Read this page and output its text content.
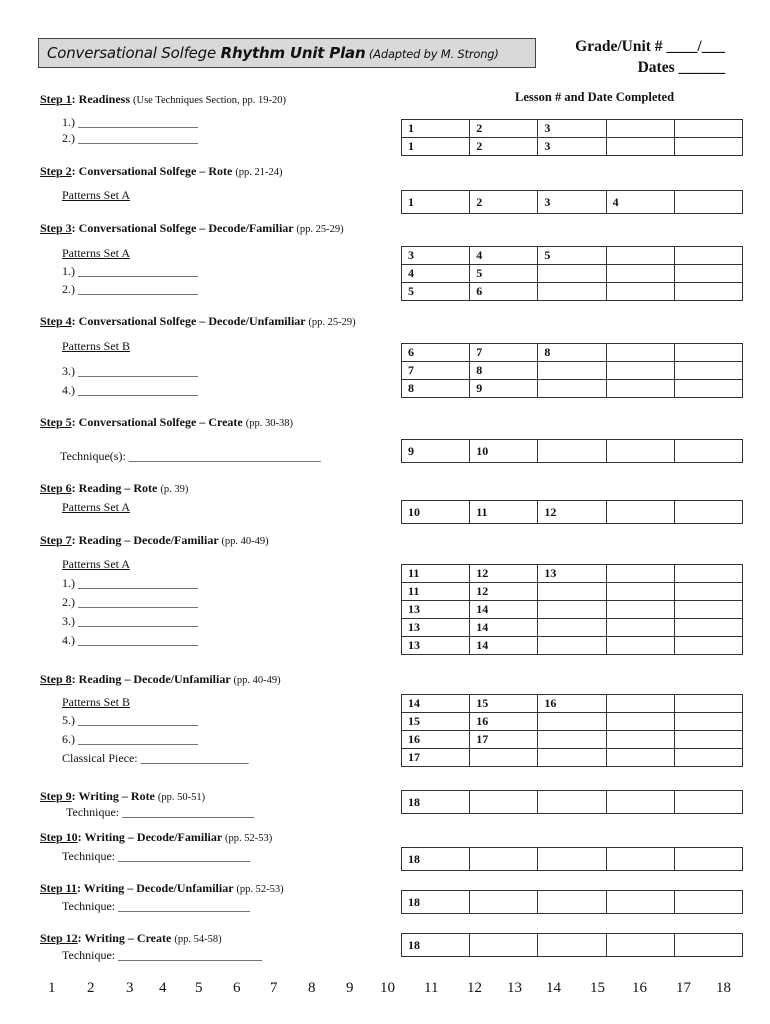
Conversational Solfege Rhythm Unit Plan (Adapted by M. Strong)	Grade/Unit # ____/___
Dates ______
Lesson # and Date Completed
Step 1: Readiness (Use Techniques Section, pp. 19-20)
1.) ____________________
2.) ____________________
1	2	3		
1	2	3		
Step 2: Conversational Solfege – Rote (pp. 21-24)
Patterns Set A	1	2	3	4	
Step 3: Conversational Solfege – Decode/Familiar (pp. 25-29)
Patterns Set A
1.) ____________________
2.) ____________________
3	4	5		
4	5			
5	6			
Step 4: Conversational Solfege – Decode/Unfamiliar (pp. 25-29)
Patterns Set B
3.) ____________________
4.) ____________________
6	7	8		
7	8			
8	9			
Step 5: Conversational Solfege – Create (pp. 30-38)
Technique(s): ________________________________	9	10			
Step 6: Reading – Rote (p. 39)
Patterns Set A	10	11	12		
Step 7: Reading – Decode/Familiar (pp. 40-49)
Patterns Set A
1.) ____________________
2.) ____________________
3.) ____________________
4.) ____________________
11	12	13		
11	12			
13	14			
13	14			
13	14			
Step 8: Reading – Decode/Unfamiliar (pp. 40-49)
Patterns Set B
5.) ____________________
6.) ____________________
Classical Piece: __________________
14	15	16		
15	16			
16	17			
17				
Step 9: Writing – Rote (pp. 50-51)
Technique: ______________________
18				
Step 10: Writing – Decode/Familiar (pp. 52-53)
Technique: ______________________	18				
Step 11: Writing – Decode/Unfamiliar (pp. 52-53)
Technique: ______________________	18				
Step 12: Writing – Create (pp. 54-58)
Technique: ________________________
18				
1 2 3 4 5 6 7 8 9 10 11 12 13 14 15 16 17 18
